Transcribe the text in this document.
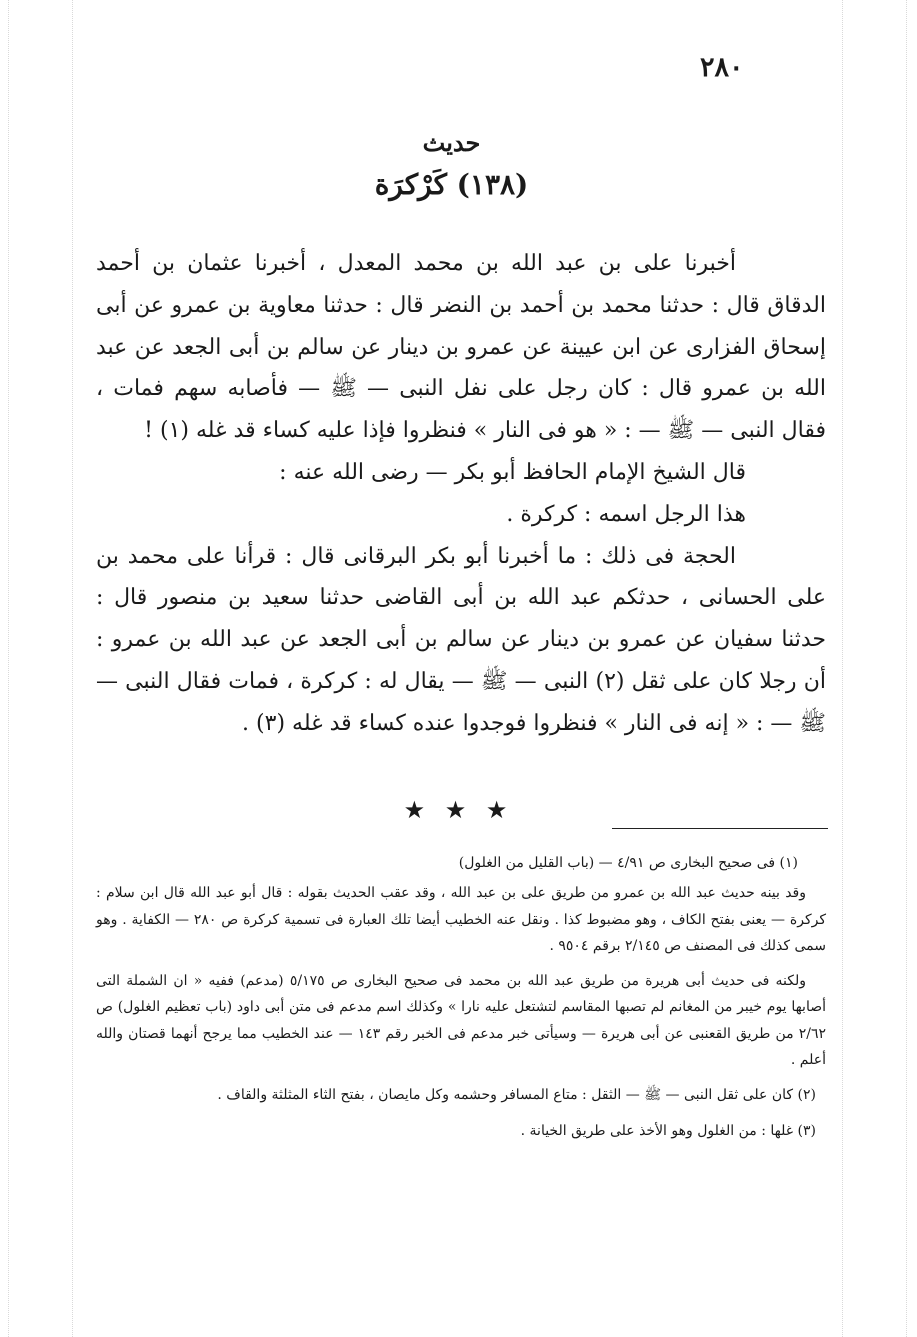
٢٨٠
حديث
(١٣٨) كَرْكرَة

أخبرنا على بن عبد الله بن محمد المعدل ، أخبرنا عثمان بن أحمد الدقاق قال : حدثنا محمد بن أحمد بن النضر قال : حدثنا معاوية بن عمرو عن أبى إسحاق الفزارى عن ابن عيينة عن عمرو بن دينار عن سالم بن أبى الجعد عن عبد الله بن عمرو قال : كان رجل على نفل النبى — ﷺ — فأصابه سهم فمات ، فقال النبى — ﷺ — : « هو فى النار » فنظروا فإذا عليه كساء قد غله (١) !

قال الشيخ الإمام الحافظ أبو بكر — رضى الله عنه :

هذا الرجل اسمه : كركرة .

الحجة فى ذلك : ما أخبرنا أبو بكر البرقانى قال : قرأنا على محمد بن على الحسانى ، حدثكم عبد الله بن أبى القاضى حدثنا سعيد بن منصور قال : حدثنا سفيان عن عمرو بن دينار عن سالم بن أبى الجعد عن عبد الله بن عمرو : أن رجلا كان على ثقل (٢) النبى — ﷺ — يقال له : كركرة ، فمات فقال النبى — ﷺ — : « إنه فى النار » فنظروا فوجدوا عنده كساء قد غله (٣) .

★ ★ ★

(١) فى صحيح البخارى ص ٤/٩١ — (باب القليل من الغلول)

وقد بينه حديث عبد الله بن عمرو من طريق على بن عبد الله ، وقد عقب الحديث بقوله : قال أبو عبد الله قال ابن سلام : كركرة — يعنى بفتح الكاف ، وهو مضبوط كذا . ونقل عنه الخطيب أيضا تلك العبارة فى تسمية كركرة ص ٢٨٠ — الكفاية . وهو سمى كذلك فى المصنف ص ٢/١٤٥ برقم ٩٥٠٤ .

ولكنه فى حديث أبى هريرة من طريق عبد الله بن محمد فى صحيح البخارى ص ٥/١٧٥ (مدعم) ففيه « ان الشملة التى أصابها يوم خيبر من المغانم لم تصبها المقاسم لتشتعل عليه نارا » وكذلك اسم مدعم فى متن أبى داود (باب تعظيم الغلول) ص ٢/٦٢ من طريق القعنبى عن أبى هريرة — وسيأتى خبر مدعم فى الخبر رقم ١٤٣ — عند الخطيب مما يرجح أنهما قصتان والله أعلم .

(٢) كان على ثقل النبى — ﷺ — الثقل : متاع المسافر وحشمه وكل مايصان ، بفتح الثاء المثلثة والقاف .

(٣) غلها : من الغلول وهو الأخذ على طريق الخيانة .
